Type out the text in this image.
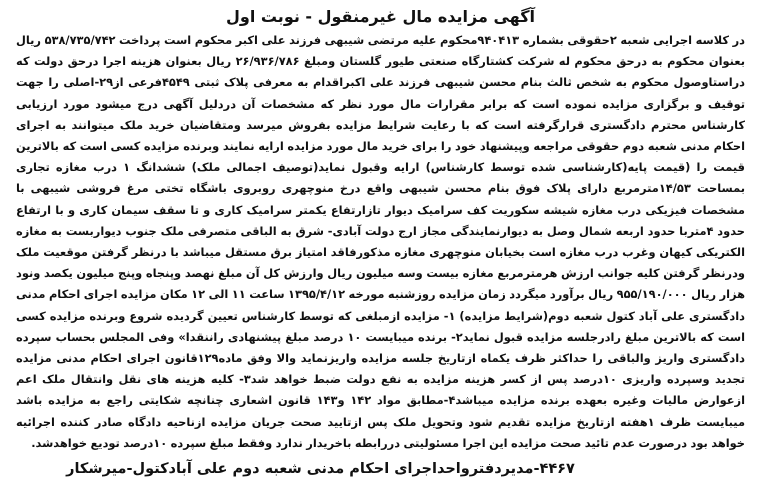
آگهی مزایده مال غیرمنقول - نوبت اول

در کلاسه اجرایی شعبه ۲حقوقی بشماره ۹۴۰۴۱۳محکوم علیه مرتضی شیبهی فرزند علی اکبر محکوم است پرداخت ۵۳۸/۷۳۵/۷۴۲ ریال بعنوان محکوم به درحق محکوم له شرکت کشتارگاه صنعتی طیور گلستان ومبلغ ۲۶/۹۳۶/۷۸۶ ریال بعنوان هزینه اجرا درحق دولت که دراستاوصول محکوم به شخص ثالث بنام محسن شیبهی فرزند علی اکبراقدام به معرفی پلاک ثبتی ۴۵۴۹فرعی از۲۹-اصلی را جهت توقیف و برگزاری مزایده نموده است که برابر مقرارات مال مورد نظر که مشخصات آن دردلیل آگهی درج میشود مورد ارزیابی کارشناس محترم دادگستری قرارگرفته است که با رعایت شرایط مزایده بفروش میرسد ومتقاضیان خرید ملک میتوانند به اجرای احکام مدنی شعبه دوم حقوقی مراجعه وپیشنهاد خود را برای خرید مال مورد مزایده ارایه نمایند وبرنده مزایده کسی است که بالاترین قیمت را (قیمت پایه(کارشناسی شده توسط کارشناس) ارایه وقبول نماید(توصیف اجمالی ملک) ششدانگ ۱ درب مغازه تجاری بمساحت ۱۴/۵۳مترمربع دارای پلاک فوق بنام محسن شیبهی واقع درخ منوچهری روبروی باشگاه تختی مرغ فروشی شیبهی با مشخصات فیزیکی درب مغازه شیشه سکوریت کف سرامیک دیوار تازارتفاع یکمتر سرامیک کاری و تا سقف سیمان کاری و با ارتفاع حدود ۴متربا حدود اربعه شمال وصل به دیوارنمایندگی مجاز ارج دولت آبادی- شرق به الباقی متصرفی ملک جنوب دیواربست به مغازه الکتریکی کیهان وغرب درب مغازه است بخیابان منوچهری مغازه مذکورفاقد امتیاز برق مستقل میباشد با درنظر گرفتن موقعیت ملک ودرنظر گرفتن کلیه جوانب ارزش هرمترمربع مغازه بیست وسه میلیون ریال وارزش کل آن مبلغ نهصد وپنجاه وپنج میلیون یکصد ونود هزار ریال ۹۵۵/۱۹۰/۰۰۰ ریال برآورد میگردد زمان مزایده روزشنبه مورخه ۱۳۹۵/۴/۱۲ ساعت ۱۱ الی ۱۲ مکان مزایده اجرای احکام مدنی دادگستری علی آباد کتول شعبه دوم(شرایط مزایده) ۱- مزایده ازمبلغی که توسط کارشناس تعیین گردیده شروع وبرنده مزایده کسی است که بالاترین مبلغ رادرجلسه مزایده قبول نماید۲- برنده میبایست ۱۰ درصد مبلغ پیشنهادی راننقدا» وفی المجلس بحساب سپرده دادگستری واریز والباقی را حداکثر ظرف یکماه ازتاریخ جلسه مزایده واریزنماید والا وفق ماده۱۲۹قانون اجرای احکام مدنی مزایده تجدید وسپرده واریزی ۱۰درصد پس از کسر هزینه مزایده به نفع دولت ضبط خواهد شد۳- کلیه هزینه های نقل وانتقال ملک اعم ازعوارض مالیات وغیره بعهده برنده مزایده میباشد۴-مطابق مواد ۱۴۲ و۱۴۳ قانون اشعاری چنانچه شکایتی راجع به مزایده باشد میبایست ظرف ۱هفته ازتاریخ مزایده تقدیم شود وتحویل ملک پس ازتایید صحت جریان مزایده ازناحیه دادگاه صادر کننده اجرائیه خواهد بود درصورت عدم تائید صحت مزایده این اجرا مسئولیتی دررابطه باخریدار ندارد وفقط مبلغ سپرده ۱۰درصد تودیع خواهدشد.

۴۴۶۷-مدیردفترواحداجرای احکام مدنی شعبه دوم علی آبادکتول-میرشکار
